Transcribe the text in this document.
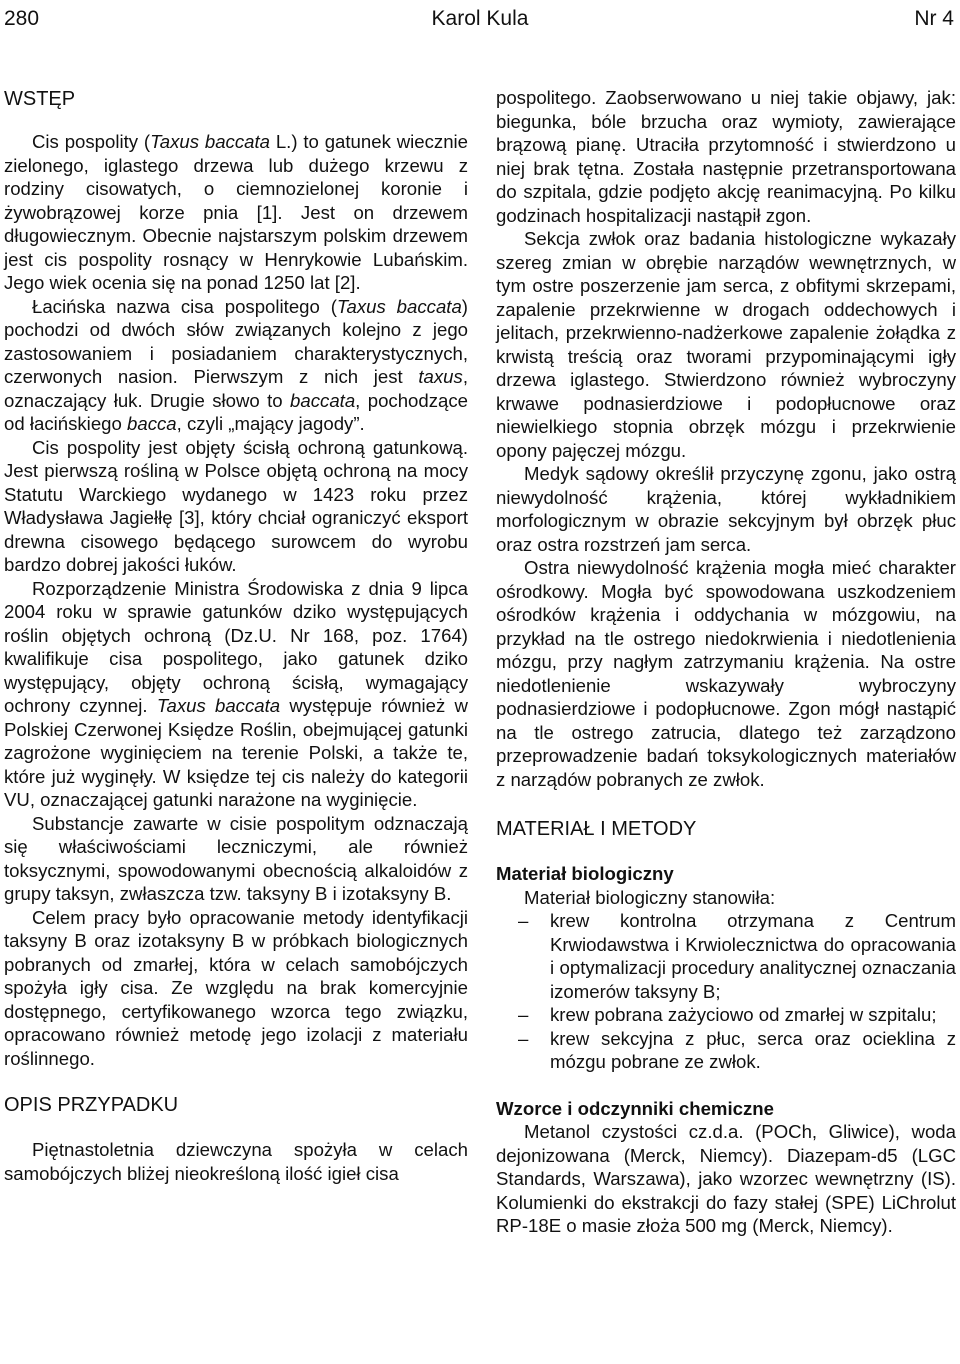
280	Karol Kula	Nr 4
WSTĘP

Cis pospolity (Taxus baccata L.) to gatunek wiecznie zielonego, iglastego drzewa lub dużego krzewu z rodziny cisowatych, o ciemnozielonej koronie i żywobrązowej korze pnia [1]. Jest on drzewem długowiecznym. Obecnie najstarszym polskim drzewem jest cis pospolity rosnący w Henrykowie Lubańskim. Jego wiek ocenia się na ponad 1250 lat [2].

Łacińska nazwa cisa pospolitego (Taxus baccata) pochodzi od dwóch słów związanych kolejno z jego zastosowaniem i posiadaniem charakterystycznych, czerwonych nasion. Pierwszym z nich jest taxus, oznaczający łuk. Drugie słowo to baccata, pochodzące od łacińskiego bacca, czyli „mający jagody”.

Cis pospolity jest objęty ścisłą ochroną gatunkową. Jest pierwszą rośliną w Polsce objętą ochroną na mocy Statutu Warckiego wydanego w 1423 roku przez Władysława Jagiełłę [3], który chciał ograniczyć eksport drewna cisowego będącego surowcem do wyrobu bardzo dobrej jakości łuków.

Rozporządzenie Ministra Środowiska z dnia 9 lipca 2004 roku w sprawie gatunków dziko występujących roślin objętych ochroną (Dz.U. Nr 168, poz. 1764) kwalifikuje cisa pospolitego, jako gatunek dziko występujący, objęty ochroną ścisłą, wymagający ochrony czynnej. Taxus baccata występuje również w Polskiej Czerwonej Księdze Roślin, obejmującej gatunki zagrożone wyginięciem na terenie Polski, a także te, które już wyginęły. W księdze tej cis należy do kategorii VU, oznaczającej gatunki narażone na wyginięcie.

Substancje zawarte w cisie pospolitym odznaczają się właściwościami leczniczymi, ale również toksycznymi, spowodowanymi obecnością alkaloidów z grupy taksyn, zwłaszcza tzw. taksyny B i izotaksyny B.

Celem pracy było opracowanie metody identyfikacji taksyny B oraz izotaksyny B w próbkach biologicznych pobranych od zmarłej, która w celach samobójczych spożyła igły cisa. Ze względu na brak komercyjnie dostępnego, certyfikowanego wzorca tego związku, opracowano również metodę jego izolacji z materiału roślinnego.

OPIS PRZYPADKU

Piętnastoletnia dziewczyna spożyła w celach samobójczych bliżej nieokreśloną ilość igieł cisa

pospolitego. Zaobserwowano u niej takie objawy, jak: biegunka, bóle brzucha oraz wymioty, zawierające brązową pianę. Utraciła przytomność i stwierdzono u niej brak tętna. Została następnie przetransportowana do szpitala, gdzie podjęto akcję reanimacyjną. Po kilku godzinach hospitalizacji nastąpił zgon.

Sekcja zwłok oraz badania histologiczne wykazały szereg zmian w obrębie narządów wewnętrznych, w tym ostre poszerzenie jam serca, z obfitymi skrzepami, zapalenie przekrwienne w drogach oddechowych i jelitach, przekrwienno-nadżerkowe zapalenie żołądka z krwistą treścią oraz tworami przypominającymi igły drzewa iglastego. Stwierdzono również wybroczyny krwawe podnasierdziowe i podopłucnowe oraz niewielkiego stopnia obrzęk mózgu i przekrwienie opony pajęczej mózgu.

Medyk sądowy określił przyczynę zgonu, jako ostrą niewydolność krążenia, której wykładnikiem morfologicznym w obrazie sekcyjnym był obrzęk płuc oraz ostra rozstrzeń jam serca.

Ostra niewydolność krążenia mogła mieć charakter ośrodkowy. Mogła być spowodowana uszkodzeniem ośrodków krążenia i oddychania w mózgowiu, na przykład na tle ostrego niedokrwienia i niedotlenienia mózgu, przy nagłym zatrzymaniu krążenia. Na ostre niedotlenienie wskazywały wybroczyny podnasierdziowe i podopłucnowe. Zgon mógł nastąpić na tle ostrego zatrucia, dlatego też zarządzono przeprowadzenie badań toksykologicznych materiałów z narządów pobranych ze zwłok.

MATERIAŁ I METODY
Materiał biologiczny

Materiał biologiczny stanowiła:

– krew kontrolna otrzymana z Centrum Krwiodawstwa i Krwiolecznictwa do opracowania i optymalizacji procedury analitycznej oznaczania izomerów taksyny B;
– krew pobrana zażyciowo od zmarłej w szpitalu;
– krew sekcyjna z płuc, serca oraz ocieklina z mózgu pobrane ze zwłok.
Wzorce i odczynniki chemiczne

Metanol czystości cz.d.a. (POCh, Gliwice), woda dejonizowana (Merck, Niemcy). Diazepam-d5 (LGC Standards, Warszawa), jako wzorzec wewnętrzny (IS). Kolumienki do ekstrakcji do fazy stałej (SPE) LiChrolut RP-18E o masie złoża 500 mg (Merck, Niemcy).
